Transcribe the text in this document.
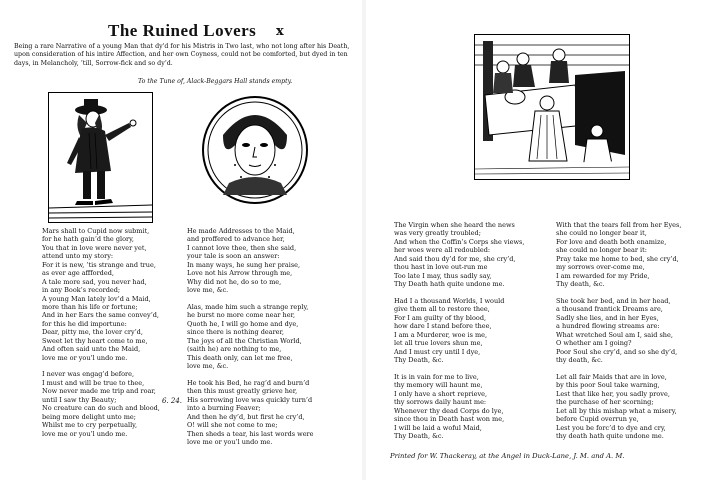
The Ruined Lovers	x
Being a rare Narrative of a young Man that dy'd for his Mistris in Two last, who not long after his Death, upon consideration of his intire Affection, and her own Coyness, could not be comforted, but dyed in ten days, in Melancholy, ’till, Sorrow-fick and so dy’d.
To the Tune of, Alack-Beggars Hall stands empty.
Mars shall to Cupid now submit,
for he hath gain’d the glory,
You that in love were never yet,
attend unto my story:
For it is new, ’tis strange and true,
as ever age affforded,
A tale more sad, you never had,
in any Book’s recorded;
A young Man lately lov’d a Maid,
more than his life or fortune;
And in her Ears the same convey’d,
for this he did importune:
Dear, pitty me, the lover cry’d,
Sweet let thy heart come to me,
And often said unto the Maid,
love me or you’l undo me.
I never was engag’d before,
I must and will be true to thee,
Now never made me trip and roar,
until I saw thy Beauty;
No creature can do such and blood,
being more delight unto me;
Whilst me to cry perpetually,
love me or you’l undo me.
6. 24.
He made Addresses to the Maid,
and proffered to advance her,
I cannot love thee, then she said,
your tale is soon an answer:
In many ways, he sung her praise,
Love not his Arrow through me,
Why did not he, do so to me,
love me, &c.
Alas, made him such a strange reply,
he burst no more come near her,
Quoth he, I will go home and dye,
since there is nothing dearer,
The joys of all the Christian World,
(saith he) are nothing to me,
This death only, can let me free,
love me, &c.
He took his Bed, he rag’d and burn’d
then this must greatly grieve her,
His sorrowing love was quickly turn’d
into a burning Feaver;
And then he dy’d, but first he cry’d,
O! will she not come to me;
Then sheds a tear, his last words were
love me or you’l undo me.
The Virgin when she heard the news
was very greatly troubled;
And when the Coffin’s Corps she views,
her woes were all redoubled:
And said thou dy’d for me, she cry’d,
thou hast in love out-run me
Too late I may, thus sadly say,
Thy Death hath quite undone me.
Had I a thousand Worlds, I would
give them all to restore thee,
For I am guilty of thy blood,
how dare I stand before thee,
I am a Murderer, woe is me,
let all true lovers shun me,
And I must cry until I dye,
Thy Death, &c.
It is in vain for me to live,
thy memory will haunt me,
I only have a short reprieve,
thy sorrows daily haunt me:
Whenever thy dead Corps do lye,
since thou in Death hast won me,
I will be laid a woful Maid,
Thy Death, &c.
With that the tears fell from her Eyes,
she could no longer bear it,
For love and death both enamize,
she could no longer bear it:
Pray take me home to bed, she cry’d,
my sorrows over-come me,
I am rewarded for my Pride,
Thy death, &c.
She took her bed, and in her head,
a thousand frantick Dreams are,
Sadly she lies, and in her Eyes,
a hundred flowing streams are:
What wretched Soul am I, said she,
O whether am I going?
Poor Soul she cry’d, and so she dy’d,
thy death, &c.
Let all fair Maids that are in love,
by this poor Soul take warning,
Lest that like her, you sadly prove,
the purchase of her scorning;
Let all by this mishap what a misery,
before Cupid overrun ye,
Lest you be forc’d to dye and cry,
thy death hath quite undone me.
Printed for W. Thackeray, at the Angel in Duck-Lane, J. M. and A. M.
